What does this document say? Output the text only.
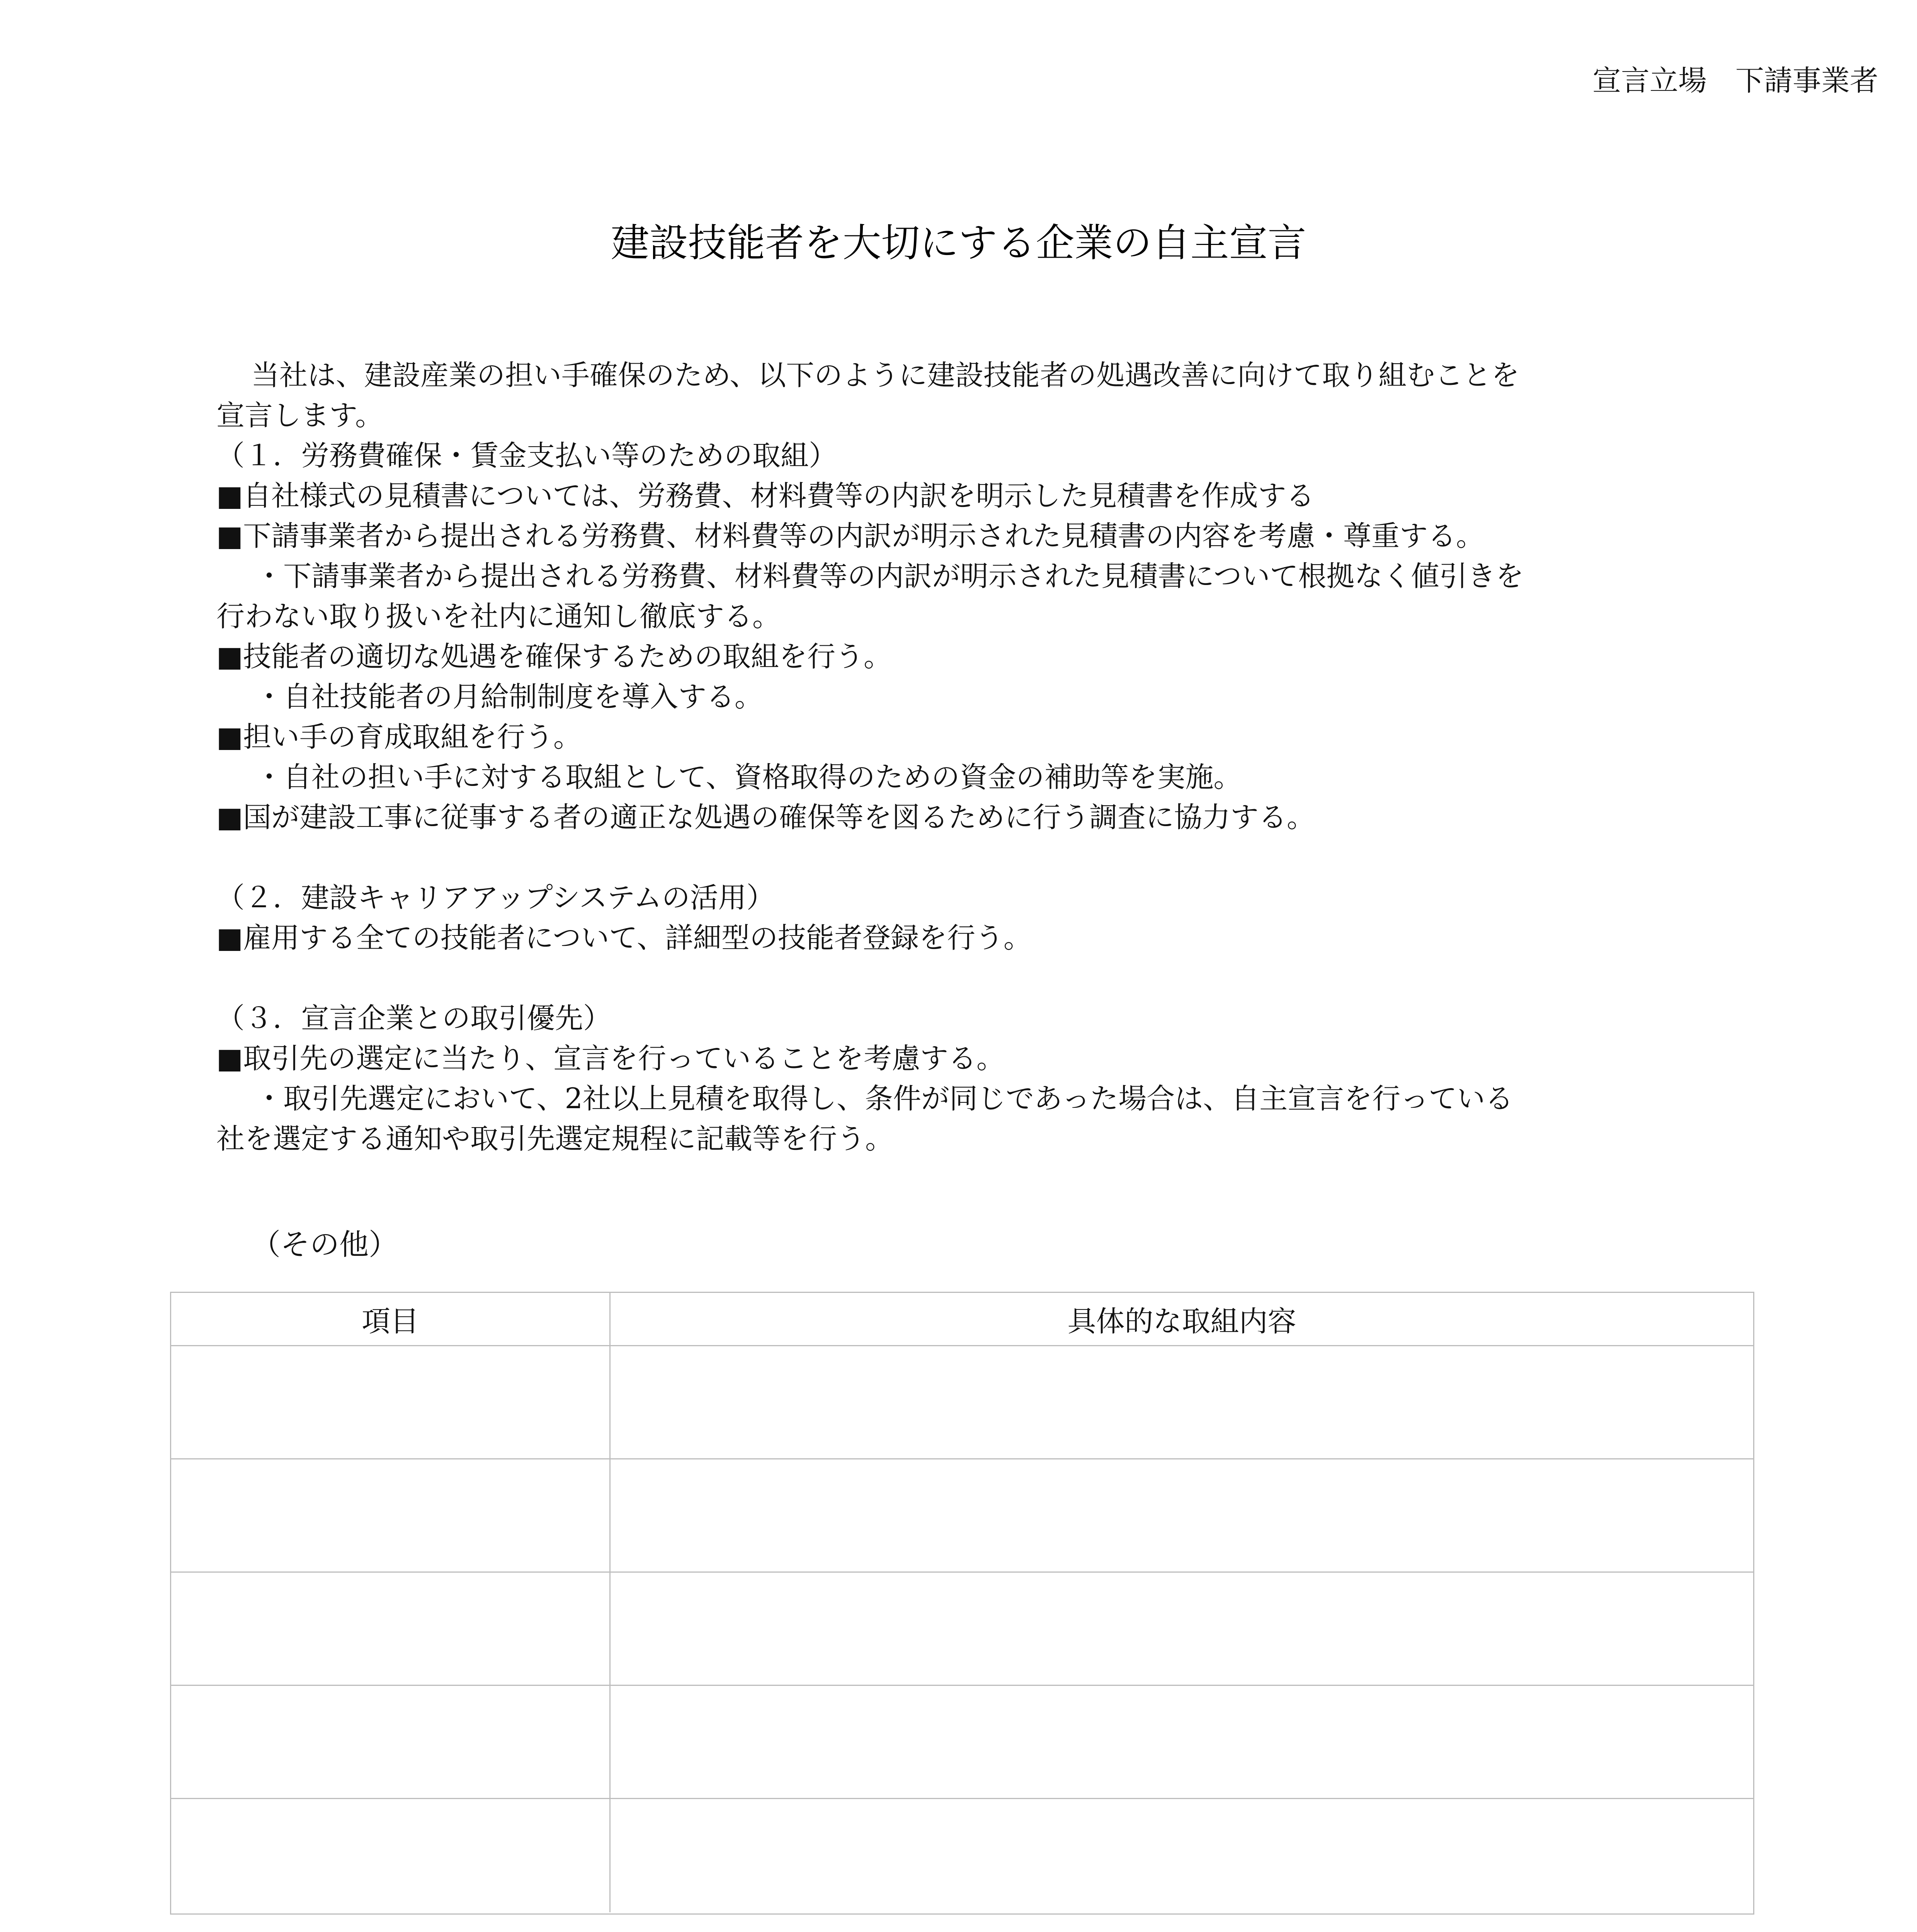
宣言立場　下請事業者
建設技能者を大切にする企業の自主宣言
当社は、建設産業の担い手確保のため、以下のように建設技能者の処遇改善に向けて取り組むことを
宣言します。
（１．労務費確保・賃金支払い等のための取組）
■自社様式の見積書については、労務費、材料費等の内訳を明示した見積書を作成する
■下請事業者から提出される労務費、材料費等の内訳が明示された見積書の内容を考慮・尊重する。
・下請事業者から提出される労務費、材料費等の内訳が明示された見積書について根拠なく値引きを
行わない取り扱いを社内に通知し徹底する。
■技能者の適切な処遇を確保するための取組を行う。
・自社技能者の月給制制度を導入する。
■担い手の育成取組を行う。
・自社の担い手に対する取組として、資格取得のための資金の補助等を実施。
■国が建設工事に従事する者の適正な処遇の確保等を図るために行う調査に協力する。
（２．建設キャリアアップシステムの活用）
■雇用する全ての技能者について、詳細型の技能者登録を行う。
（３．宣言企業との取引優先）
■取引先の選定に当たり、宣言を行っていることを考慮する。
・取引先選定において、2社以上見積を取得し、条件が同じであった場合は、自主宣言を行っている
社を選定する通知や取引先選定規程に記載等を行う。
（その他）
項目	具体的な取組内容
